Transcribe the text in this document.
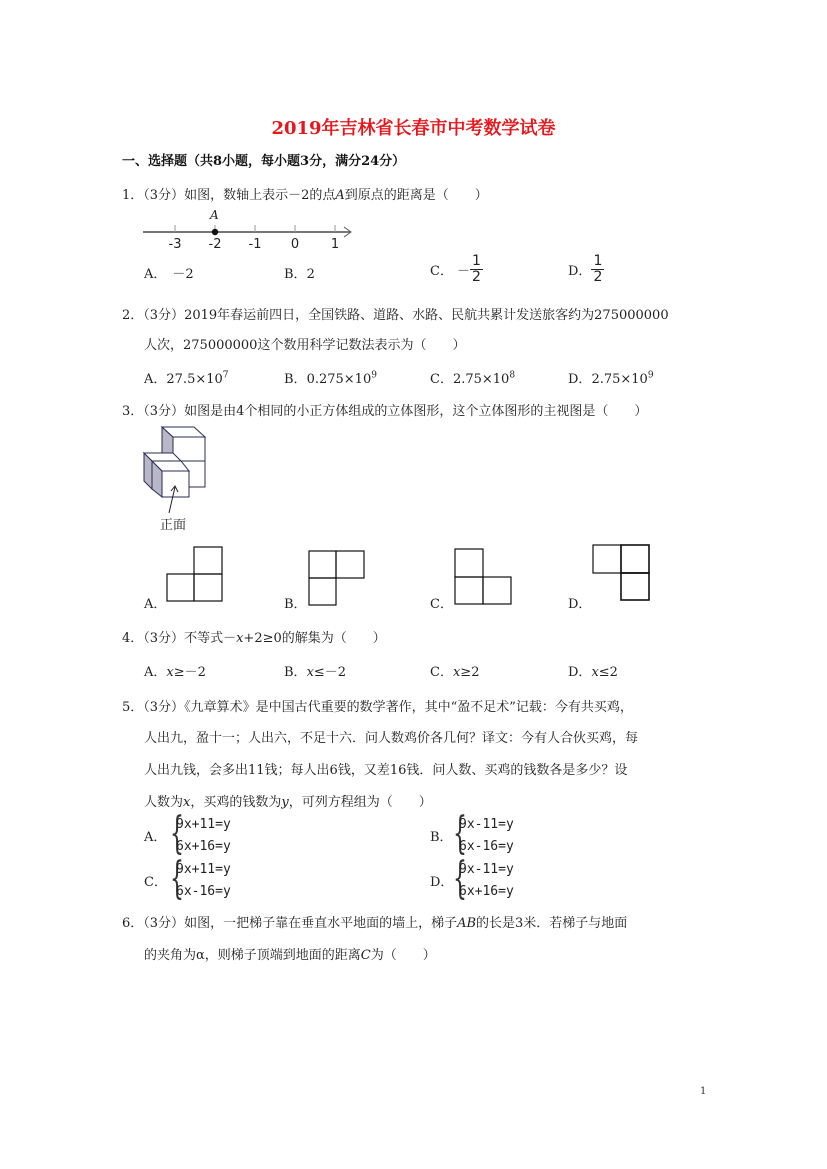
2019年吉林省长春市中考数学试卷
一、选择题（共8小题，每小题3分，满分24分）
1．（3分）如图，数轴上表示－2的点A到原点的距离是（　　）
-3 -2 -1 0 1
A
A． －2	B．2	C． － $\frac{1}{2}$	D． $\frac{1}{2}$
2．（3分）2019年春运前四日，全国铁路、道路、水路、民航共累计发送旅客约为275000000
人次，275000000这个数用科学记数法表示为（　　）
A．$27.5\times 10^7$	B．$0.275\times 10^9$	C．$2.75\times 10^8$	D．$2.75\times 10^9$
3．（3分）如图是由4个相同的小正方体组成的立体图形，这个立体图形的主视图是（　　）
正面
A．	B．	C．	D．
4．（3分）不等式－x+2≥0的解集为（　　）
A．x≥－2	B．x≤－2	C．x≥2	D．x≤2
5．（3分）《九章算术》是中国古代重要的数学著作，其中“盈不足术”记载：今有共买鸡，
人出九，盈十一；人出六，不足十六．问人数鸡价各几何？译文：今有人合伙买鸡，每
人出九钱，会多出11钱；每人出6钱，又差16钱．问人数、买鸡的钱数各是多少？设
人数为x，买鸡的钱数为y，可列方程组为（　　）
A． {
9x+11=y
6x+16=y
B． {
9x-11=y
6x-16=y
C． {
9x+11=y
6x-16=y
D． {
9x-11=y
6x+16=y
6．（3分）如图，一把梯子靠在垂直水平地面的墙上，梯子AB的长是3米．若梯子与地面
的夹角为α，则梯子顶端到地面的距离C为（　　）
1
